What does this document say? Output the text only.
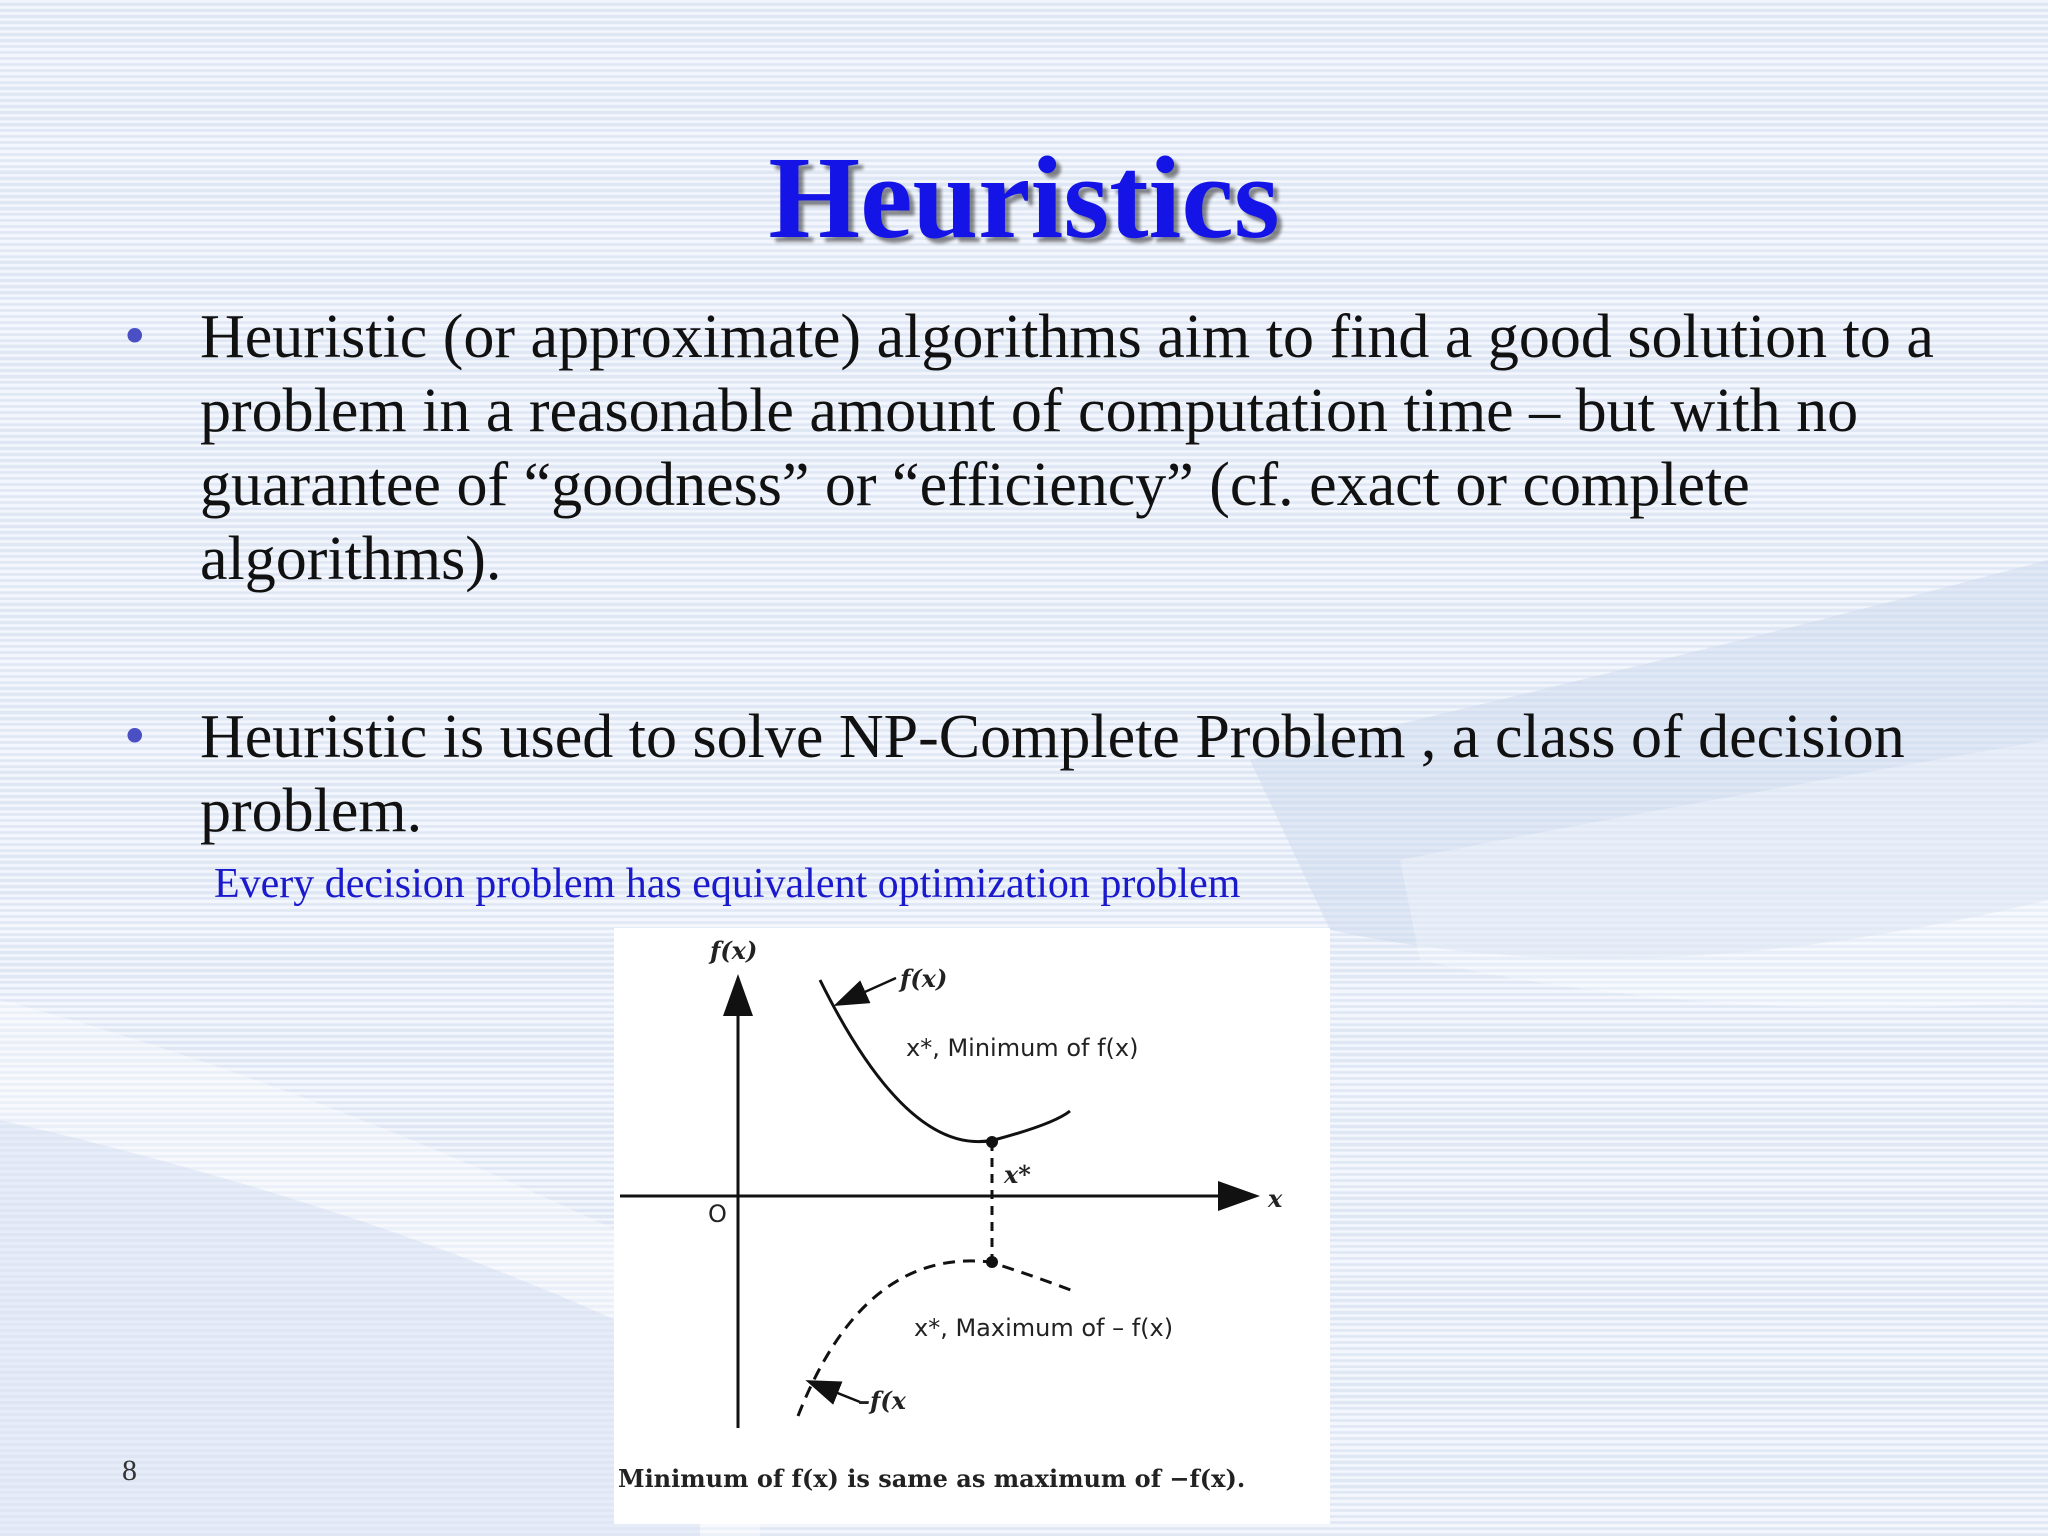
Heuristics
• Heuristic (or approximate) algorithms aim to find a good solution to a problem in a reasonable amount of computation time – but with no guarantee of “goodness” or “efficiency” (cf. exact or complete algorithms).
• Heuristic is used to solve NP-Complete Problem , a class of decision problem.
Every decision problem has equivalent optimization problem
f(x)
f(x)
x*, Minimum of f(x)
x*
x
O
x*, Maximum of – f(x)
–f(x
Minimum of f(x) is same as maximum of −f(x).
8
